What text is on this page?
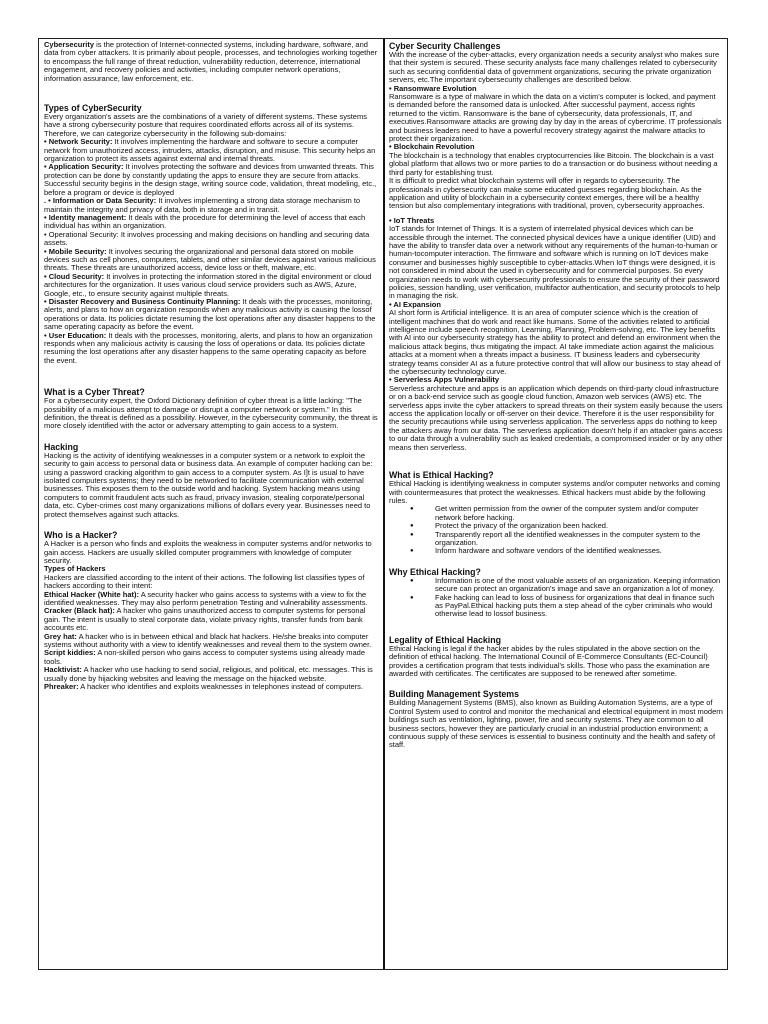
Cybersecurity is the protection of Internet-connected systems, including hardware, software, and data from cyber attackers. It is primarily about people, processes, and technologies working together to encompass the full range of threat reduction, vulnerability reduction, deterrence, international engagement, and recovery policies and activities, including computer network operations, information assurance, law enforcement, etc.

Types of CyberSecurity

Every organization's assets are the combinations of a variety of different systems. These systems have a strong cybersecurity posture that requires coordinated efforts across all of its systems. Therefore, we can categorize cybersecurity in the following sub-domains:

• Network Security: It involves implementing the hardware and software to secure a computer network from unauthorized access, intruders, attacks, disruption, and misuse. This security helps an organization to protect its assets against external and internal threats.

• Application Security: It involves protecting the software and devices from unwanted threats. This protection can be done by constantly updating the apps to ensure they are secure from attacks. Successful security begins in the design stage, writing source code, validation, threat modeling, etc., before a program or device is deployed

. • Information or Data Security: It involves implementing a strong data storage mechanism to maintain the integrity and privacy of data, both in storage and in transit.

• Identity management: It deals with the procedure for determining the level of access that each individual has within an organization.

• Operational Security: It involves processing and making decisions on handling and securing data assets.

• Mobile Security: It involves securing the organizational and personal data stored on mobile devices such as cell phones, computers, tablets, and other similar devices against various malicious threats. These threats are unauthorized access, device loss or theft, malware, etc.

• Cloud Security: It involves in protecting the information stored in the digital environment or cloud architectures for the organization. It uses various cloud service providers such as AWS, Azure, Google, etc., to ensure security against multiple threats.

• Disaster Recovery and Business Continuity Planning: It deals with the processes, monitoring, alerts, and plans to how an organization responds when any malicious activity is causing the lossof operations or data. Its policies dictate resuming the lost operations after any disaster happens to the same operating capacity as before the event.

• User Education: It deals with the processes, monitoring, alerts, and plans to how an organization responds when any malicious activity is causing the loss of operations or data. Its policies dictate resuming the lost operations after any disaster happens to the same operating capacity as before the event.

What is a Cyber Threat?

For a cybersecurity expert, the Oxford Dictionary definition of cyber threat is a little lacking: "The possibility of a malicious attempt to damage or disrupt a computer network or system." In this definition, the threat is defined as a possibility. However, in the cybersecurity community, the threat is more closely identified with the actor or adversary attempting to gain access to a system.

Hacking

Hacking is the activity of identifying weaknesses in a computer system or a network to exploit the security to gain access to personal data or business data. An example of computer hacking can be: using a password cracking algorithm to gain access to a computer system. As I]t is usual to have isolated computers systems; they need to be networked to facilitate communication with external businesses. This exposes them to the outside world and hacking. System hacking means using computers to commit fraudulent acts such as fraud, privacy invasion, stealing corporate/personal data, etc. Cyber-crimes cost many organizations millions of dollars every year. Businesses need to protect themselves against such attacks.

Who is a Hacker?

A Hacker is a person who finds and exploits the weakness in computer systems and/or networks to gain access. Hackers are usually skilled computer programmers with knowledge of computer security.

Types of Hackers

Hackers are classified according to the intent of their actions. The following list classifies types of hackers according to their intent:

Ethical Hacker (White hat): A security hacker who gains access to systems with a view to fix the identified weaknesses. They may also perform penetration Testing and vulnerability assessments.

Cracker (Black hat): A hacker who gains unauthorized access to computer systems for personal gain. The intent is usually to steal corporate data, violate privacy rights, transfer funds from bank accounts etc.

Grey hat: A hacker who is in between ethical and black hat hackers. He/she breaks into computer systems without authority with a view to identify weaknesses and reveal them to the system owner.

Script kiddies: A non-skilled person who gains access to computer systems using already made tools.

Hacktivist: A hacker who use hacking to send social, religious, and political, etc. messages. This is usually done by hijacking websites and leaving the message on the hijacked website.

Phreaker: A hacker who identifies and exploits weaknesses in telephones instead of computers.

Cyber Security Challenges

With the increase of the cyber-attacks, every organization needs a security analyst who makes sure that their system is secured. These security analysts face many challenges related to cybersecurity such as securing confidential data of government organizations, securing the private organization servers, etc.The important cybersecurity challenges are described below.

• Ransomware Evolution

Ransomware is a type of malware in which the data on a victim's computer is locked, and payment is demanded before the ransomed data is unlocked. After successful payment, access rights returned to the victim. Ransomware is the bane of cybersecurity, data professionals, IT, and executives.Ransomware attacks are growing day by day in the areas of cybercrime. IT professionals and business leaders need to have a powerful recovery strategy against the malware attacks to protect their organization.

• Blockchain Revolution

The blockchain is a technology that enables cryptocurrencies like Bitcoin. The blockchain is a vast global platform that allows two or more parties to do a transaction or do business without needing a third party for establishing trust.

It is difficult to predict what blockchain systems will offer in regards to cybersecurity. The professionals in cybersecurity can make some educated guesses regarding blockchain. As the application and utility of blockchain in a cybersecurity context emerges, there will be a healthy tension but also complementary integrations with traditional, proven, cybersecurity approaches.

• IoT Threats

IoT stands for Internet of Things. It is a system of interrelated physical devices which can be accessible through the internet. The connected physical devices have a unique identifier (UID) and have the ability to transfer data over a network without any requirements of the human-to-human or human-tocomputer interaction. The firmware and software which is running on IoT devices make consumer and businesses highly susceptible to cyber-attacks.When IoT things were designed, it is not considered in mind about the used in cybersecurity and for commercial purposes. So every organization needs to work with cybersecurity professionals to ensure the security of their password policies, session handling, user verification, multifactor authentication, and security protocols to help in managing the risk.

• AI Expansion

AI short form is Artificial intelligence. It is an area of computer science which is the creation of intelligent machines that do work and react like humans. Some of the activities related to artificial intelligence include speech recognition, Learning, Planning, Problem-solving, etc. The key benefits with AI into our cybersecurity strategy has the ability to protect and defend an environment when the malicious attack begins, thus mitigating the impact. AI take immediate action against the malicious attacks at a moment when a threats impact a business. IT business leaders and cybersecurity strategy teams consider AI as a future protective control that will allow our business to stay ahead of the cybersecurity technology curve.

• Serverless Apps Vulnerability

Serverless architecture and apps is an application which depends on third-party cloud infrastructure or on a back-end service such as google cloud function, Amazon web services (AWS) etc. The serverless apps invite the cyber attackers to spread threats on their system easily because the users access the application locally or off-server on their device. Therefore it is the user responsibility for the security precautions while using serverless application. The serverless apps do nothing to keep the attackers away from our data. The serverless application doesn't help if an attacker gains access to our data through a vulnerability such as leaked credentials, a compromised insider or by any other means then serverless.

What is Ethical Hacking?

Ethical Hacking is identifying weakness in computer systems and/or computer networks and coming
with countermeasures that protect the weaknesses. Ethical hackers must abide by the following rules.

● Get written permission from the owner of the computer system and/or computer network before hacking.
● Protect the privacy of the organization been hacked.
● Transparently report all the identified weaknesses in the computer system to the organization.
● Inform hardware and software vendors of the identified weaknesses.
Why Ethical Hacking?
● Information is one of the most valuable assets of an organization. Keeping information secure can protect an organization's image and save an organization a lot of money.
● Fake hacking can lead to loss of business for organizations that deal in finance such as PayPal.Ethical hacking puts them a step ahead of the cyber criminals who would otherwise lead to lossof business.
Legality of Ethical Hacking

Ethical Hacking is legal if the hacker abides by the rules stipulated in the above section on the definition of ethical hacking. The International Council of E-Commerce Consultants (EC-Council) provides a certification program that tests individual's skills. Those who pass the examination are awarded with certificates. The certificates are supposed to be renewed after sometime.

Building Management Systems

Building Management Systems (BMS), also known as Building Automation Systems, are a type of Control System used to control and monitor the mechanical and electrical equipment in most modern buildings such as ventilation, lighting, power, fire and security systems. They are common to all business sectors, however they are particularly crucial in an industrial production environment; a continuous supply of these services is essential to business continuity and the health and safety of staff.
